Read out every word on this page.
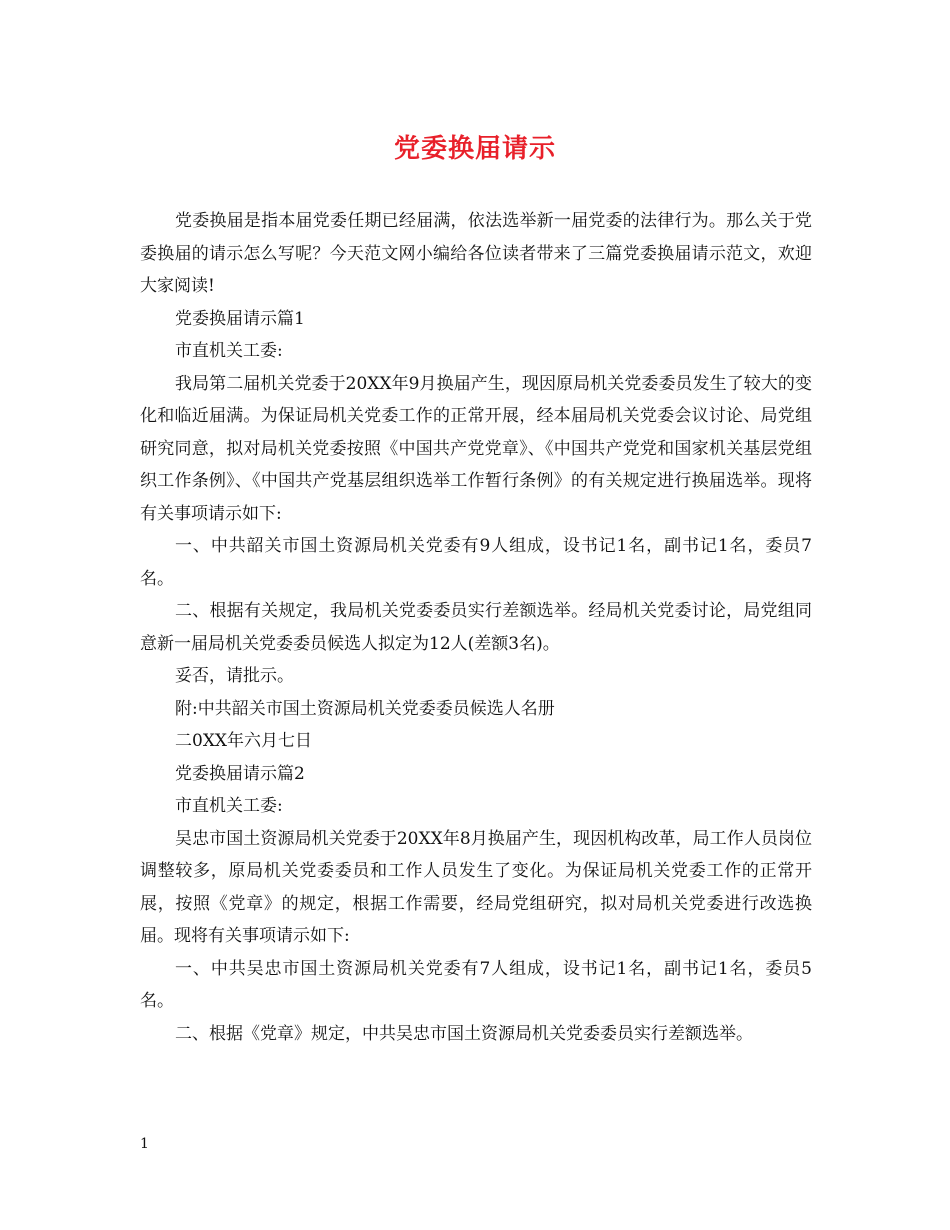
党委换届请示

党委换届是指本届党委任期已经届满，依法选举新一届党委的法律行为。那么关于党委换届的请示怎么写呢？今天范文网小编给各位读者带来了三篇党委换届请示范文，欢迎大家阅读!

党委换届请示篇1

市直机关工委:

我局第二届机关党委于20XX年9月换届产生，现因原局机关党委委员发生了较大的变化和临近届满。为保证局机关党委工作的正常开展，经本届局机关党委会议讨论、局党组研究同意，拟对局机关党委按照《中国共产党党章》、《中国共产党党和国家机关基层党组织工作条例》、《中国共产党基层组织选举工作暂行条例》的有关规定进行换届选举。现将有关事项请示如下:

一、中共韶关市国土资源局机关党委有9人组成，设书记1名，副书记1名，委员7名。

二、根据有关规定，我局机关党委委员实行差额选举。经局机关党委讨论，局党组同意新一届局机关党委委员候选人拟定为12人(差额3名)。

妥否，请批示。

附:中共韶关市国土资源局机关党委委员候选人名册

二0XX年六月七日

党委换届请示篇2

市直机关工委:

吴忠市国土资源局机关党委于20XX年8月换届产生，现因机构改革，局工作人员岗位调整较多，原局机关党委委员和工作人员发生了变化。为保证局机关党委工作的正常开展，按照《党章》的规定，根据工作需要，经局党组研究，拟对局机关党委进行改选换届。现将有关事项请示如下:

一、中共吴忠市国土资源局机关党委有7人组成，设书记1名，副书记1名，委员5名。

二、根据《党章》规定，中共吴忠市国土资源局机关党委委员实行差额选举。

1
